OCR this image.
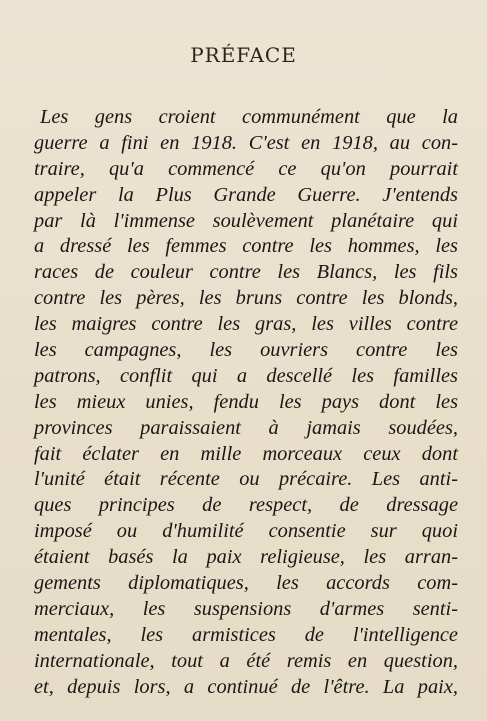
PRÉFACE
Les gens croient communément que la
guerre a fini en 1918. C'est en 1918, au con-
traire, qu'a commencé ce qu'on pourrait
appeler la Plus Grande Guerre. J'entends
par là l'immense soulèvement planétaire qui
a dressé les femmes contre les hommes, les
races de couleur contre les Blancs, les fils
contre les pères, les bruns contre les blonds,
les maigres contre les gras, les villes contre
les campagnes, les ouvriers contre les
patrons, conflit qui a descellé les familles
les mieux unies, fendu les pays dont les
provinces paraissaient à jamais soudées,
fait éclater en mille morceaux ceux dont
l'unité était récente ou précaire. Les anti-
ques principes de respect, de dressage
imposé ou d'humilité consentie sur quoi
étaient basés la paix religieuse, les arran-
gements diplomatiques, les accords com-
merciaux, les suspensions d'armes senti-
mentales, les armistices de l'intelligence
internationale, tout a été remis en question,
et, depuis lors, a continué de l'être. La paix,
